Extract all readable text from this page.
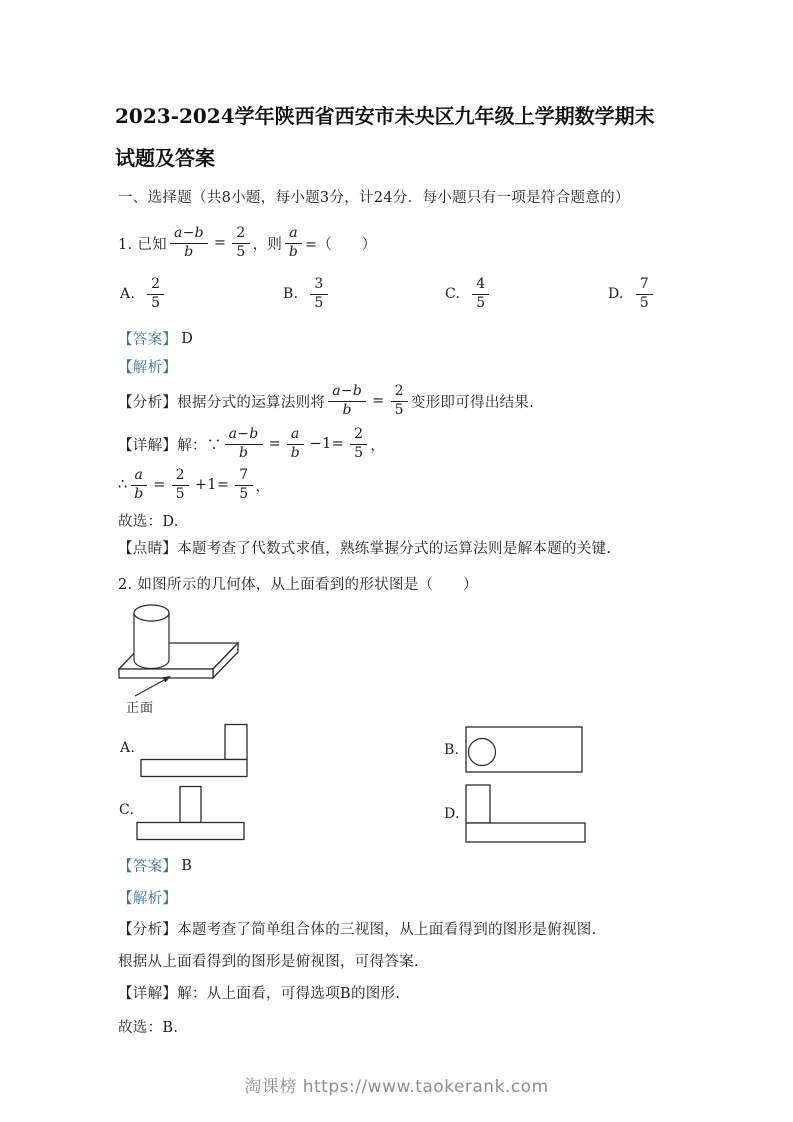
2023-2024学年陕西省西安市未央区九年级上学期数学期末试题及答案
一、选择题（共8小题，每小题3分，计24分．每小题只有一项是符合题意的）
1. 已知 $\frac{a-b}{b} = \frac{2}{5}$ ，则 $\frac{a}{b}$ =（　　）
A. $\frac{2}{5}$	B. $\frac{3}{5}$	C. $\frac{4}{5}$	D. $\frac{7}{5}$
【答案】 D
【解析】
【分析】 根据分式的运算法则将 $\frac{a-b}{b} = \frac{2}{5}$ 变形即可得出结果.
【详解】 解：∵ $\frac{a-b}{b} = \frac{a}{b} -1= \frac{2}{5}$ ，
∴ $\frac{a}{b} = \frac{2}{5} +1= \frac{7}{5}$ ，
故选：D.
【点睛】 本题考查了代数式求值，熟练掌握分式的运算法则是解本题的关键.
2. 如图所示的几何体，从上面看到的形状图是（　　）
正面
A.	B.
C.	D.
【答案】 B
【解析】
【分析】 本题考查了简单组合体的三视图，从上面看得到的图形是俯视图.
根据从上面看得到的图形是俯视图，可得答案.
【详解】 解：从上面看，可得选项B的图形.
故选：B.
淘课榜 https://www.taokerank.com
